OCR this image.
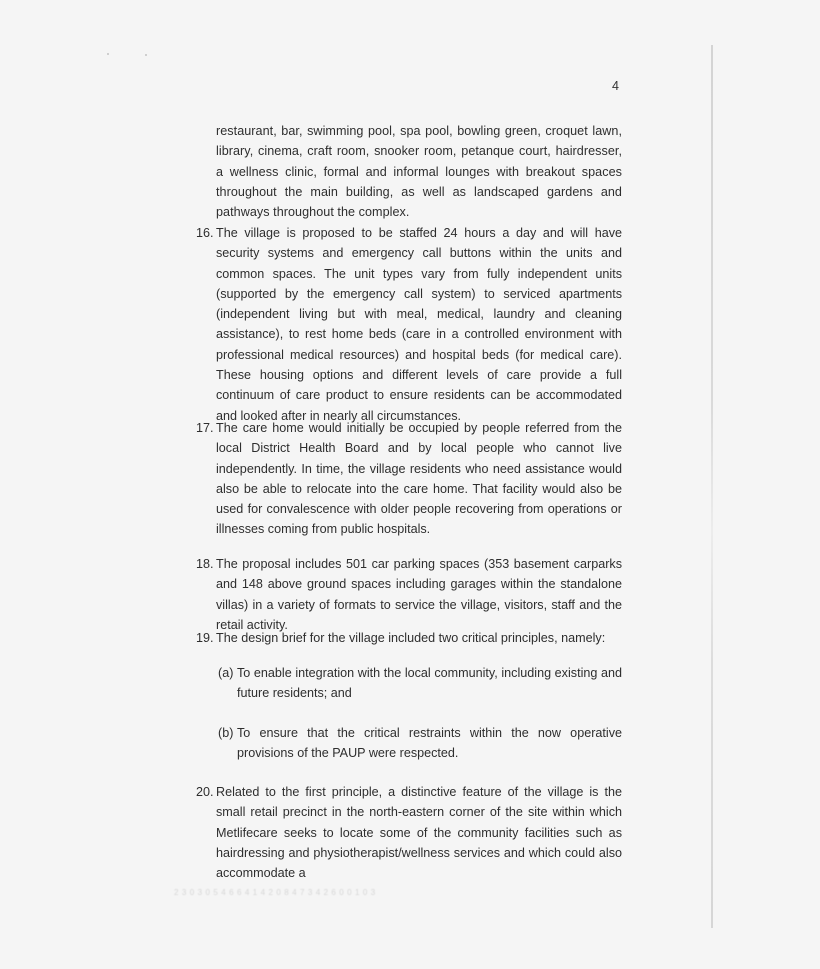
4
restaurant, bar, swimming pool, spa pool, bowling green, croquet lawn, library, cinema, craft room, snooker room, petanque court, hairdresser, a wellness clinic, formal and informal lounges with breakout spaces throughout the main building, as well as landscaped gardens and pathways throughout the complex.
16. The village is proposed to be staffed 24 hours a day and will have security systems and emergency call buttons within the units and common spaces. The unit types vary from fully independent units (supported by the emergency call system) to serviced apartments (independent living but with meal, medical, laundry and cleaning assistance), to rest home beds (care in a controlled environment with professional medical resources) and hospital beds (for medical care). These housing options and different levels of care provide a full continuum of care product to ensure residents can be accommodated and looked after in nearly all circumstances.
17. The care home would initially be occupied by people referred from the local District Health Board and by local people who cannot live independently. In time, the village residents who need assistance would also be able to relocate into the care home. That facility would also be used for convalescence with older people recovering from operations or illnesses coming from public hospitals.
18. The proposal includes 501 car parking spaces (353 basement carparks and 148 above ground spaces including garages within the standalone villas) in a variety of formats to service the village, visitors, staff and the retail activity.
19. The design brief for the village included two critical principles, namely:
(a) To enable integration with the local community, including existing and future residents; and
(b) To ensure that the critical restraints within the now operative provisions of the PAUP were respected.
20. Related to the first principle, a distinctive feature of the village is the small retail precinct in the north-eastern corner of the site within which Metlifecare seeks to locate some of the community facilities such as hairdressing and physiotherapist/wellness services and which could also accommodate a
2 3 0 3 0 5 4 6 6 4 1 4 2 0 8 4 7 3 4 2 6 0 0 1 0 3
